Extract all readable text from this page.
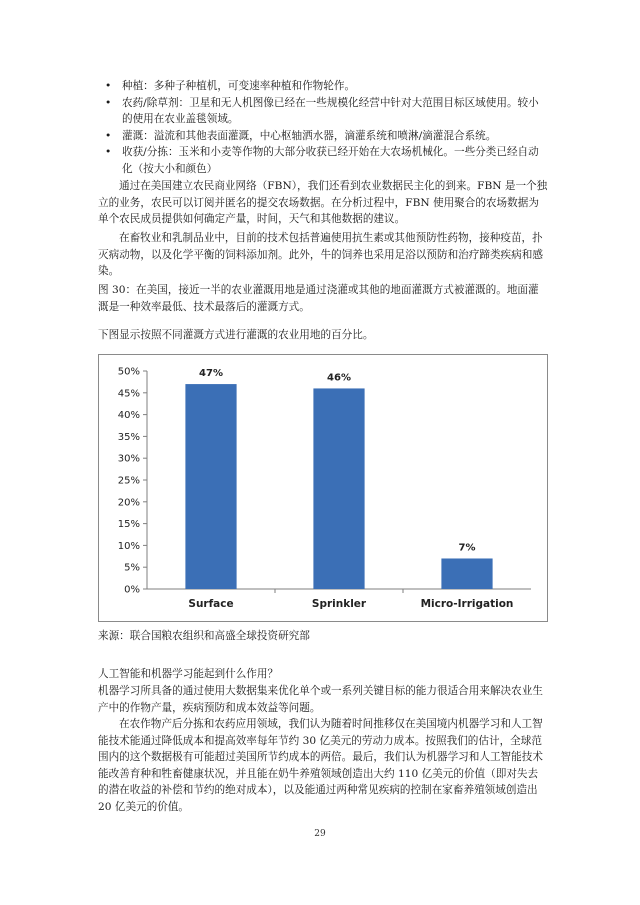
• 种植：多种子种植机，可变速率种植和作物轮作。
• 农药/除草剂：卫星和无人机图像已经在一些规模化经营中针对大范围目标区域使用。较小的使用在农业盖毯领域。
• 灌溉：溢流和其他表面灌溉，中心枢轴洒水器，滴灌系统和喷淋/滴灌混合系统。
• 收获/分拣：玉米和小麦等作物的大部分收获已经开始在大农场机械化。一些分类已经自动化（按大小和颜色）
通过在美国建立农民商业网络（FBN），我们还看到农业数据民主化的到来。FBN 是一个独立的业务，农民可以订阅并匿名的提交农场数据。在分析过程中，FBN 使用聚合的农场数据为单个农民成员提供如何确定产量，时间，天气和其他数据的建议。
在畜牧业和乳制品业中，目前的技术包括普遍使用抗生素或其他预防性药物，接种疫苗，扑灭病动物，以及化学平衡的饲料添加剂。此外，牛的饲养也采用足浴以预防和治疗蹄类疾病和感染。
图 30：在美国，接近一半的农业灌溉用地是通过浇灌或其他的地面灌溉方式被灌溉的。地面灌溉是一种效率最低、技术最落后的灌溉方式。
下图显示按照不同灌溉方式进行灌溉的农业用地的百分比。
0%
5%
10%
15%
20%
25%
30%
35%
40%
45%
50%	47%
Surface
46%
Sprinkler
7%
Micro-Irrigation
来源：联合国粮农组织和高盛全球投资研究部
人工智能和机器学习能起到什么作用？
机器学习所具备的通过使用大数据集来优化单个或一系列关键目标的能力很适合用来解决农业生产中的作物产量，疾病预防和成本效益等问题。
在农作物产后分拣和农药应用领域，我们认为随着时间推移仅在美国境内机器学习和人工智能技术能通过降低成本和提高效率每年节约 30 亿美元的劳动力成本。按照我们的估计，全球范围内的这个数据极有可能超过美国所节约成本的两倍。最后，我们认为机器学习和人工智能技术能改善育种和牲畜健康状况，并且能在奶牛养殖领域创造出大约 110 亿美元的价值（即对失去的潜在收益的补偿和节约的绝对成本），以及能通过两种常见疾病的控制在家畜养殖领域创造出 20 亿美元的价值。
29
